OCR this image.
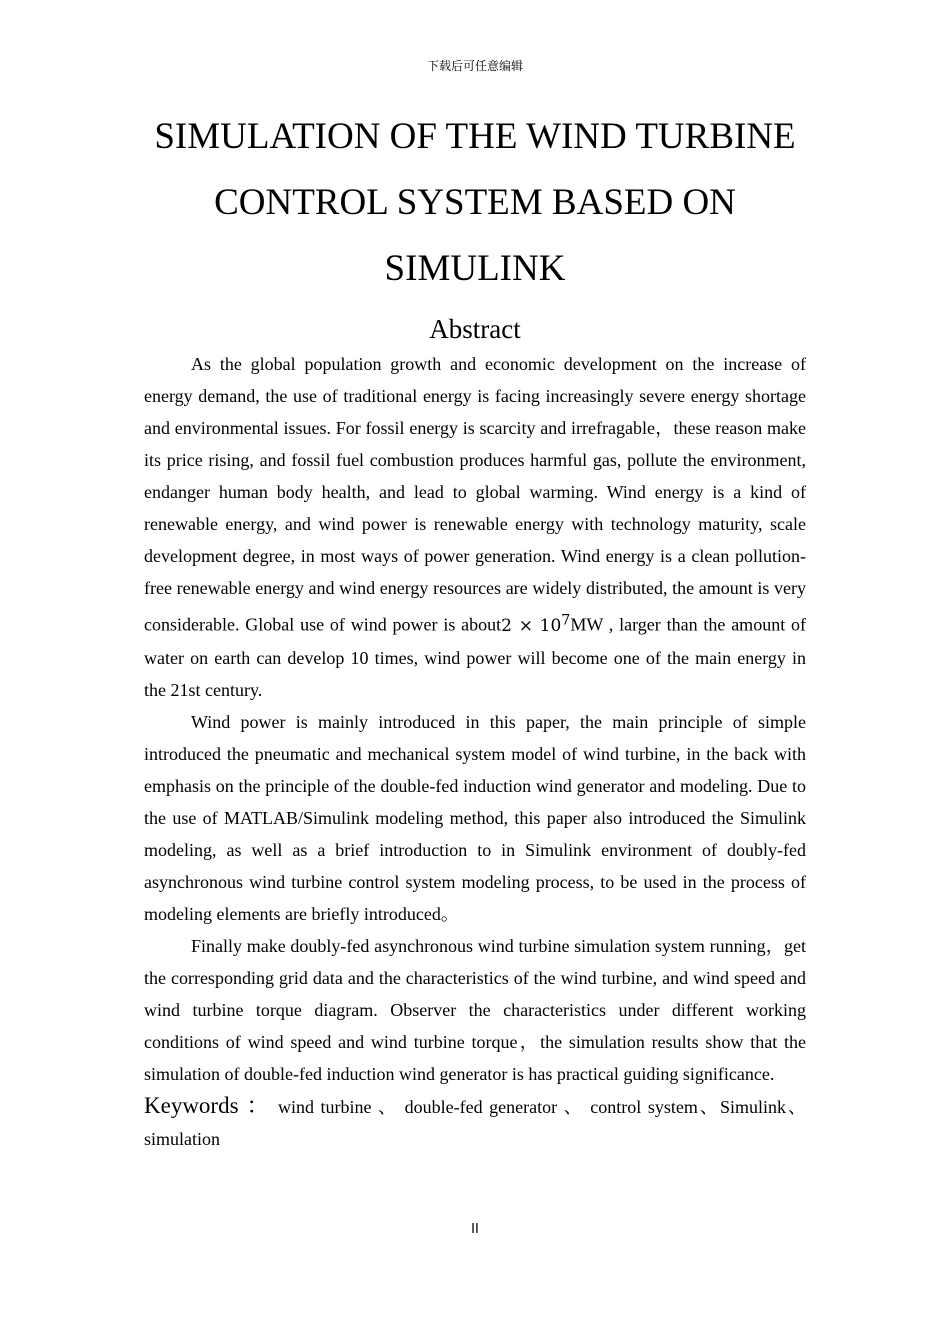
下载后可任意编辑
SIMULATION OF THE WIND TURBINE CONTROL SYSTEM BASED ON SIMULINK
Abstract

As the global population growth and economic development on the increase of energy demand, the use of traditional energy is facing increasingly severe energy shortage and environmental issues. For fossil energy is scarcity and irrefragable，these reason make its price rising, and fossil fuel combustion produces harmful gas, pollute the environment, endanger human body health, and lead to global warming. Wind energy is a kind of renewable energy, and wind power is renewable energy with technology maturity, scale development degree, in most ways of power generation. Wind energy is a clean pollution-free renewable energy and wind energy resources are widely distributed, the amount is very considerable. Global use of wind power is about2 × $10^7MW$ , larger than the amount of water on earth can develop 10 times, wind power will become one of the main energy in the 21st century.

Wind power is mainly introduced in this paper, the main principle of simple introduced the pneumatic and mechanical system model of wind turbine, in the back with emphasis on the principle of the double-fed induction wind generator and modeling. Due to the use of MATLAB/Simulink modeling method, this paper also introduced the Simulink modeling, as well as a brief introduction to in Simulink environment of doubly-fed asynchronous wind turbine control system modeling process, to be used in the process of modeling elements are briefly introduced。

Finally make doubly-fed asynchronous wind turbine simulation system running，get the corresponding grid data and the characteristics of the wind turbine, and wind speed and wind turbine torque diagram. Observer the characteristics under different working conditions of wind speed and wind turbine torque，the simulation results show that the simulation of double-fed induction wind generator is has practical guiding significance.

Keywords ： wind turbine 、 double-fed generator 、 control system、Simulink、simulation

II
